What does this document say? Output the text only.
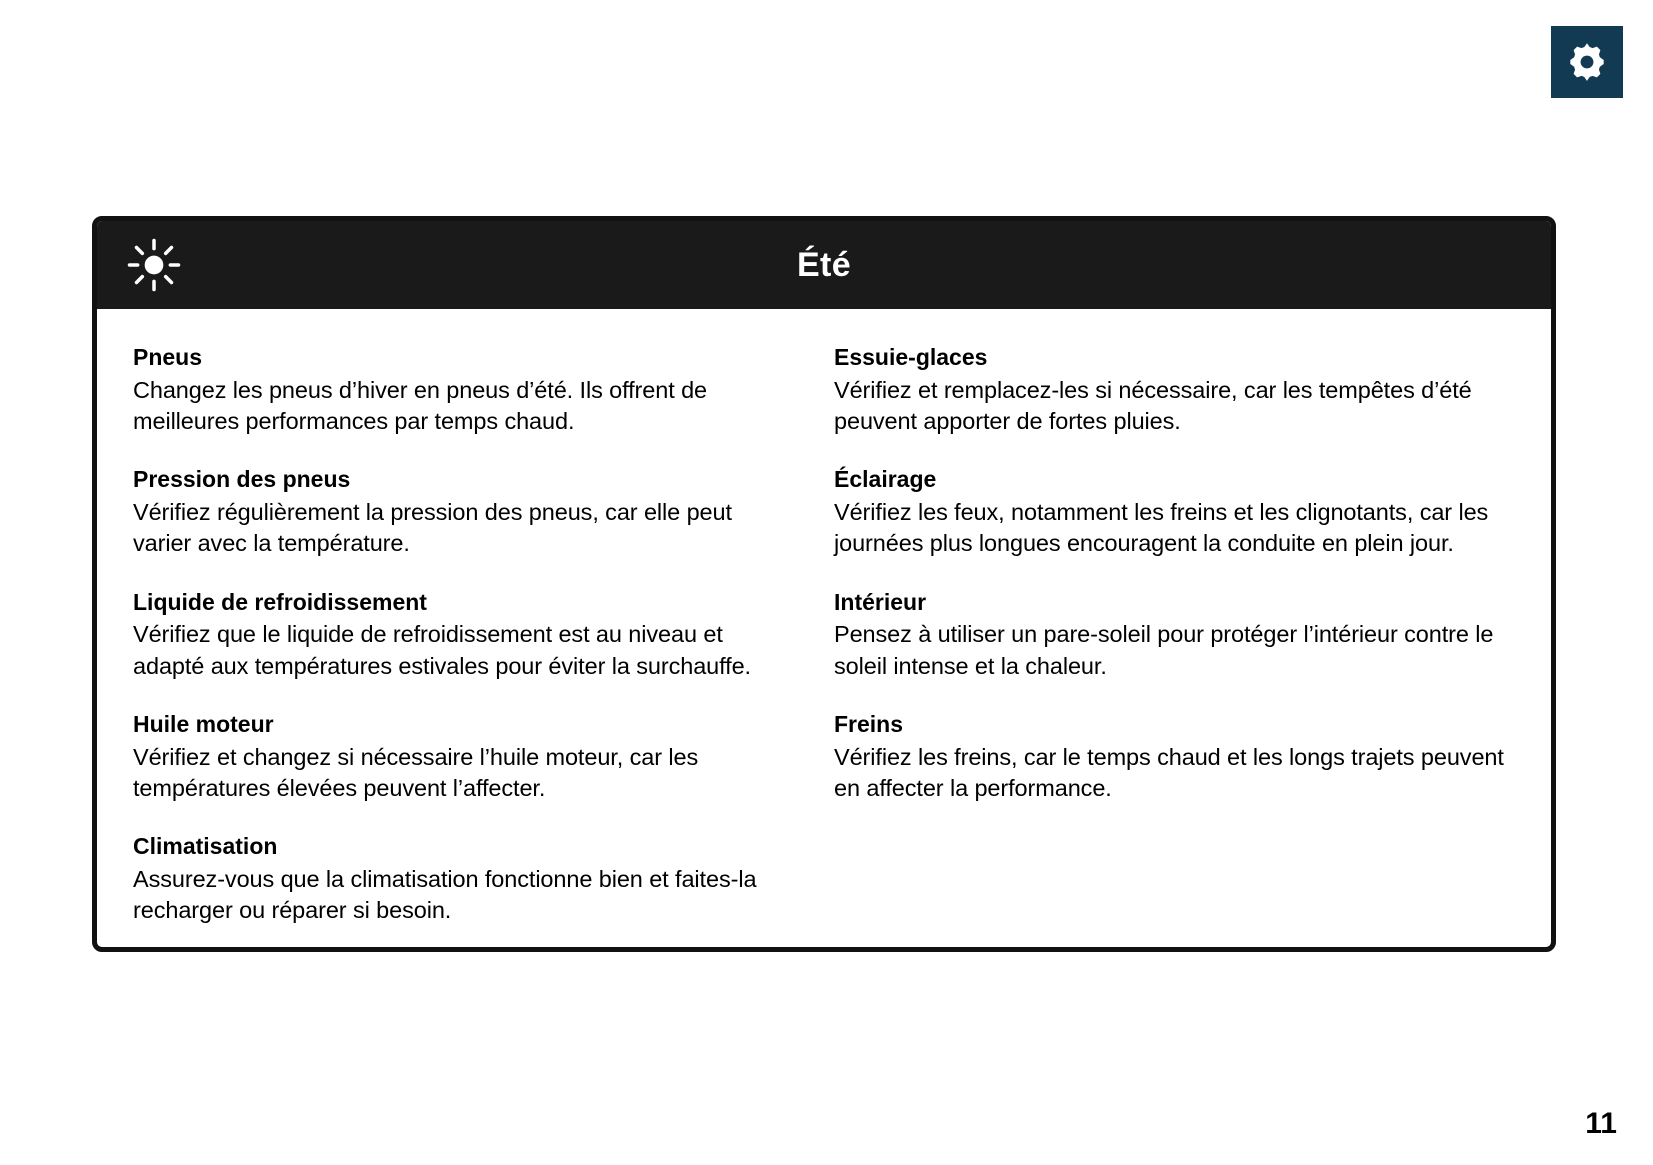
Été
Pneus
Changez les pneus d’hiver en pneus d’été. Ils offrent de meilleures performances par temps chaud.
Pression des pneus
Vérifiez régulièrement la pression des pneus, car elle peut varier avec la température.
Liquide de refroidissement
Vérifiez que le liquide de refroidissement est au niveau et adapté aux températures estivales pour éviter la surchauffe.
Huile moteur
Vérifiez et changez si nécessaire l’huile moteur, car les températures élevées peuvent l’affecter.
Climatisation
Assurez-vous que la climatisation fonctionne bien et faites-la recharger ou réparer si besoin.
Essuie-glaces
Vérifiez et remplacez-les si nécessaire, car les tempêtes d’été peuvent apporter de fortes pluies.
Éclairage
Vérifiez les feux, notamment les freins et les clignotants, car les journées plus longues encouragent la conduite en plein jour.
Intérieur
Pensez à utiliser un pare-soleil pour protéger l’intérieur contre le soleil intense et la chaleur.
Freins
Vérifiez les freins, car le temps chaud et les longs trajets peuvent en affecter la performance.
11
